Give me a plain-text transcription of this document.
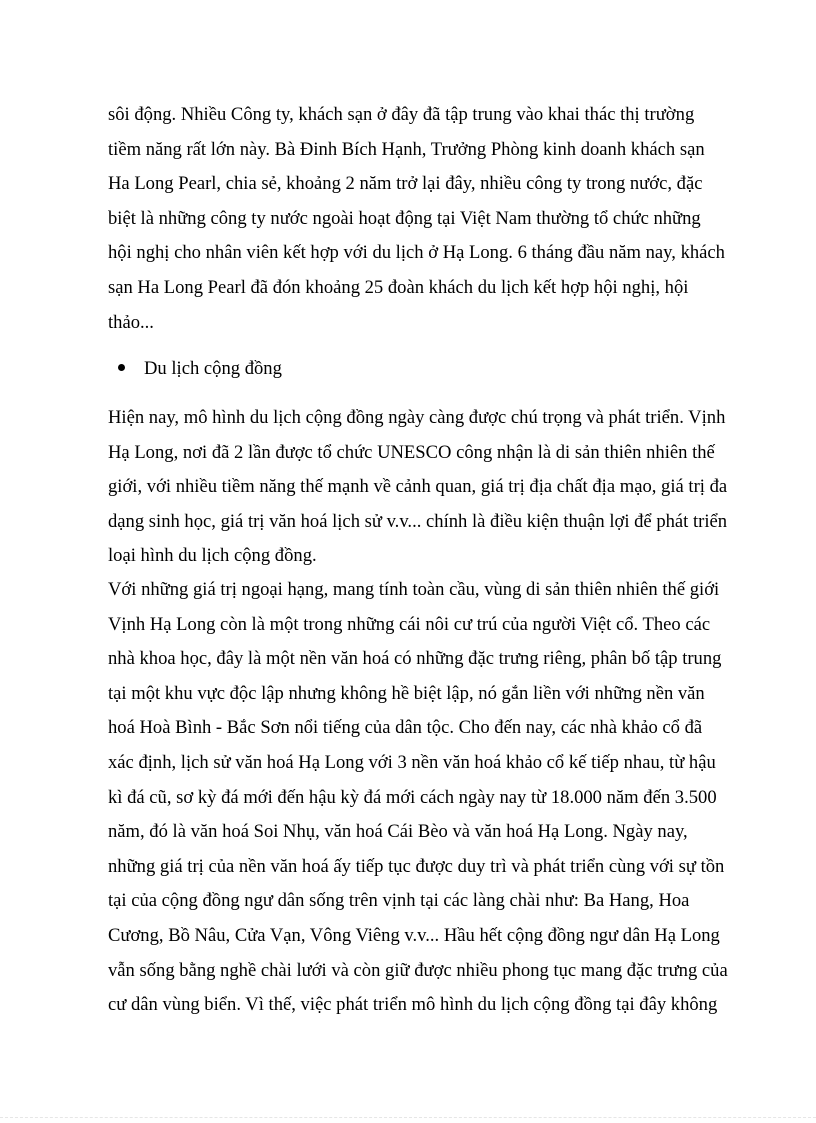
sôi động. Nhiều Công ty, khách sạn ở đây đã tập trung vào khai thác thị trường
tiềm năng rất lớn này. Bà Đinh Bích Hạnh, Trưởng Phòng kinh doanh khách sạn
Ha Long Pearl, chia sẻ, khoảng 2 năm trở lại đây, nhiều công ty trong nước, đặc
biệt là những công ty nước ngoài hoạt động tại Việt Nam thường tổ chức những
hội nghị cho nhân viên kết hợp với du lịch ở Hạ Long. 6 tháng đầu năm nay, khách
sạn Ha Long Pearl đã đón khoảng 25 đoàn khách du lịch kết hợp hội nghị, hội
thảo...
Du lịch cộng đồng
Hiện nay, mô hình du lịch cộng đồng ngày càng được chú trọng và phát triển. Vịnh
Hạ Long, nơi đã 2 lần được tổ chức UNESCO công nhận là di sản thiên nhiên thế
giới, với nhiều tiềm năng thế mạnh về cảnh quan, giá trị địa chất địa mạo, giá trị đa
dạng sinh học, giá trị văn hoá lịch sử v.v... chính là điều kiện thuận lợi để phát triển
loại hình du lịch cộng đồng.
Với những giá trị ngoại hạng, mang tính toàn cầu, vùng di sản thiên nhiên thế giới
Vịnh Hạ Long còn là một trong những cái nôi cư trú của người Việt cổ. Theo các
nhà khoa học, đây là một nền văn hoá có những đặc trưng riêng, phân bố tập trung
tại một khu vực độc lập nhưng không hề biệt lập, nó gắn liền với những nền văn
hoá Hoà Bình - Bắc Sơn nổi tiếng của dân tộc. Cho đến nay, các nhà khảo cổ đã
xác định, lịch sử văn hoá Hạ Long với 3 nền văn hoá khảo cổ kế tiếp nhau, từ hậu
kì đá cũ, sơ kỳ đá mới đến hậu kỳ đá mới cách ngày nay từ 18.000 năm đến 3.500
năm, đó là văn hoá Soi Nhụ, văn hoá Cái Bèo và văn hoá Hạ Long. Ngày nay,
những giá trị của nền văn hoá ấy tiếp tục được duy trì và phát triển cùng với sự tồn
tại của cộng đồng ngư dân sống trên vịnh tại các làng chài như: Ba Hang, Hoa
Cương, Bồ Nâu, Cửa Vạn, Vông Viêng v.v... Hầu hết cộng đồng ngư dân Hạ Long
vẫn sống bằng nghề chài lưới và còn giữ được nhiều phong tục mang đặc trưng của
cư dân vùng biển. Vì thế, việc phát triển mô hình du lịch cộng đồng tại đây không
